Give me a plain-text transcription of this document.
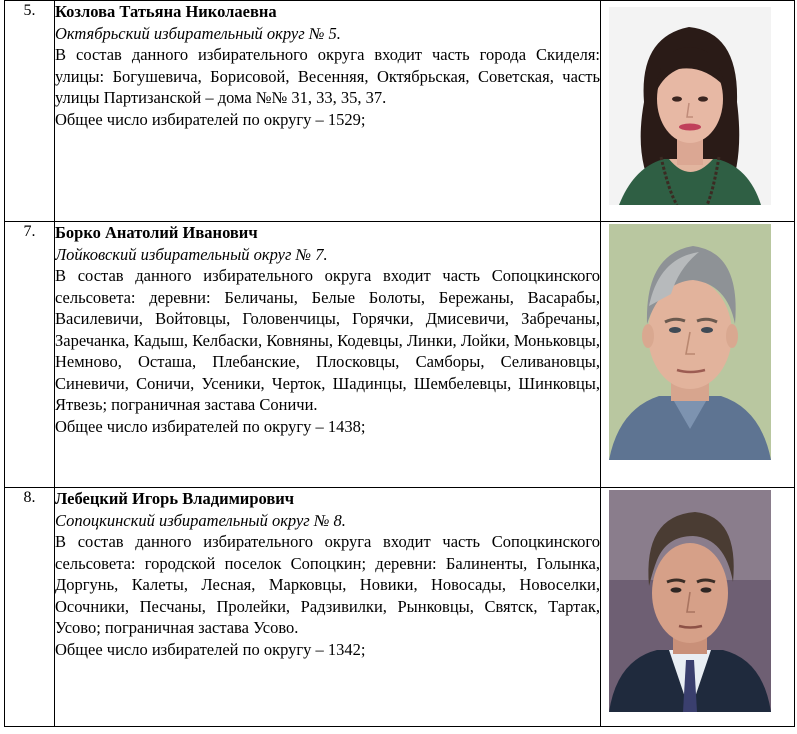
5.	Козлова Татьяна Николаевна
Октябрьский избирательный округ № 5.
В состав данного избирательного округа входит часть города Скиделя: улицы: Богушевича, Борисовой, Весенняя, Октябрьская, Советская, часть улицы Партизанской – дома №№ 31, 33, 35, 37.
Общее число избирателей по округу – 1529;

7.	Борко Анатолий Иванович
Лойковский избирательный округ № 7.
В состав данного избирательного округа входит часть Сопоцкинского сельсовета: деревни: Беличаны, Белые Болоты, Бережаны, Васарабы, Василевичи, Войтовцы, Головенчицы, Горячки, Дмисевичи, Забречаны, Заречанка, Кадыш, Келбаски, Ковняны, Кодевцы, Линки, Лойки, Моньковцы, Немново, Осташа, Плебанские, Плосковцы, Самборы, Селивановцы, Синевичи, Соничи, Усеники, Черток, Шадинцы, Шембелевцы, Шинковцы, Ятвезь; пограничная застава Соничи.
Общее число избирателей по округу – 1438;

8.	Лебецкий Игорь Владимирович
Сопоцкинский избирательный округ № 8.
В состав данного избирательного округа входит часть Сопоцкинского сельсовета: городской поселок Сопоцкин; деревни: Балиненты, Голынка, Доргунь, Калеты, Лесная, Марковцы, Новики, Новосады, Новоселки, Осочники, Песчаны, Пролейки, Радзивилки, Рынковцы, Святск, Тартак, Усово; пограничная застава Усово.
Общее число избирателей по округу – 1342;
